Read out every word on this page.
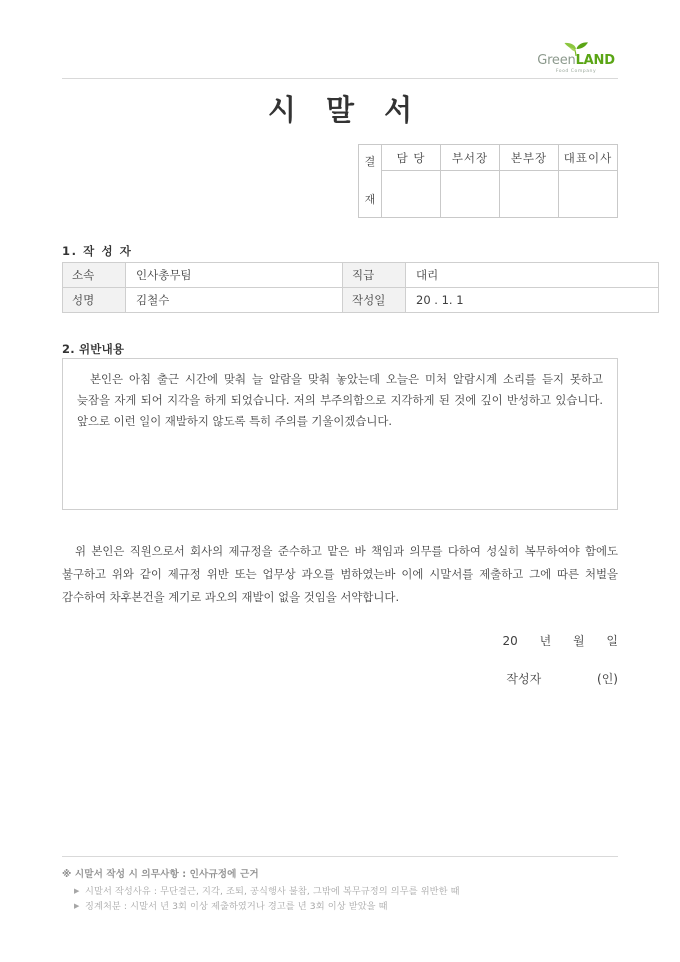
GreenLAND
Food Company
시 말 서
결
재	담 당	부서장	본부장	대표이사

1. 작 성 자
소속	인사총무팀	직급	대리
성명	김철수	작성일	20 . 1. 1
2. 위반내용
본인은 아침 출근 시간에 맞춰 늘 알람을 맞춰 놓았는데 오늘은 미처 알람시계 소리를 듣지 못하고 늦잠을 자게 되어 지각을 하게 되었습니다. 저의 부주의함으로 지각하게 된 것에 깊이 반성하고 있습니다. 앞으로 이런 일이 재발하지 않도록 특히 주의를 기울이겠습니다.
위 본인은 직원으로서 회사의 제규정을 준수하고 맡은 바 책임과 의무를 다하여 성실히 복무하여야 함에도 불구하고 위와 같이 제규정 위반 또는 업무상 과오를 범하였는바 이에 시말서를 제출하고 그에 따른 처벌을 감수하여 차후본건을 계기로 과오의 재발이 없을 것임을 서약합니다.
20 년 월 일
작성자	(인)
※ 시말서 작성 시 의무사항 : 인사규정에 근거
▶ 시말서 작성사유 : 무단결근, 지각, 조퇴, 공식행사 불참, 그밖에 복무규정의 의무를 위반한 때
▶ 징계처분 : 시말서 년 3회 이상 제출하였거나 경고를 년 3회 이상 받았을 때
